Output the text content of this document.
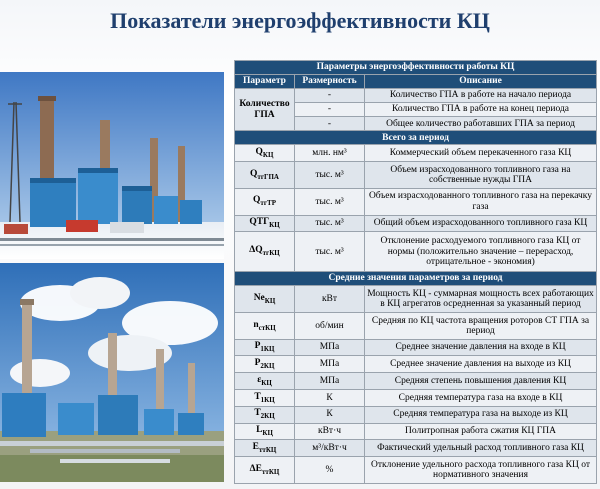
Показатели энергоэффективности КЦ
Параметры энергоэффективности работы КЦ		
Параметр	Размерность	Описание
Количество ГПА	-	Количество ГПА в работе на начало периода
	-	Количество ГПА в работе на конец периода
	-	Общее количество работавших ГПА за период
Всего за период		
$Q_{КЦ}$	млн. нм³	Коммерческий объем перекаченного газа КЦ
$Q_{тгГПА}$	тыс. м³	Объем израсходованного топливного газа на собственные нужды ГПА
$Q_{тгТР}$	тыс. м³	Объем израсходованного топливного газа на перекачку газа
$QТГ_{КЦ}$	тыс. м³	Общий объем израсходованного топливного газа КЦ
$\Delta Q_{тгКЦ}$	тыс. м³	Отклонение расходуемого топливного газа КЦ от нормы (положительно значение – перерасход, отрицательное - экономия)
Средние значения параметров за период		
$Ne_{КЦ}$	кВт	Мощность КЦ - суммарная мощность всех работающих в КЦ агрегатов осредненная за указанный период
$n_{стКЦ}$	об/мин	Средняя по КЦ частота вращения роторов СТ ГПА за период
$P_{1КЦ}$	МПа	Среднее значение давления на входе в КЦ
$P_{2КЦ}$	МПа	Среднее значение давления на выходе из КЦ
$\varepsilon_{КЦ}$	МПа	Средняя степень повышения давления КЦ
$T_{1КЦ}$	К	Средняя температура газа на входе в КЦ
$T_{2КЦ}$	К	Средняя температура газа на выходе из КЦ
$L_{КЦ}$	кВт·ч	Политропная работа сжатия КЦ ГПА
$E_{ттКЦ}$	м³/кВт·ч	Фактический удельный расход топливного газа КЦ
$\Delta E_{ттКЦ}$	%	Отклонение удельного расхода топливного газа КЦ от нормативного значения
